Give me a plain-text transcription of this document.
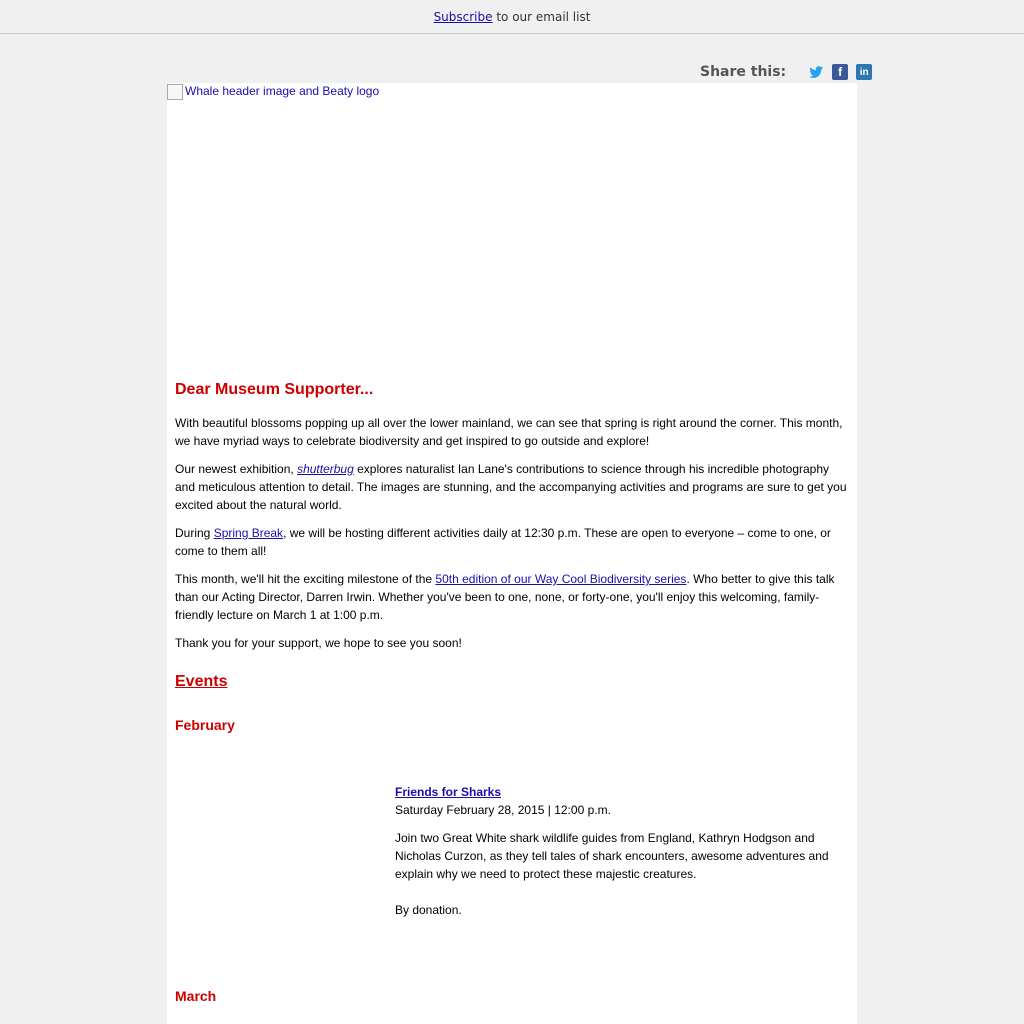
Subscribe to our email list
Share this:	f	in
Whale header image and Beaty logo
Dear Museum Supporter...

With beautiful blossoms popping up all over the lower mainland, we can see that spring is right around the corner. This month, we have myriad ways to celebrate biodiversity and get inspired to go outside and explore!

Our newest exhibition, shutterbug explores naturalist Ian Lane's contributions to science through his incredible photography and meticulous attention to detail. The images are stunning, and the accompanying activities and programs are sure to get you excited about the natural world.

During Spring Break, we will be hosting different activities daily at 12:30 p.m. These are open to everyone – come to one, or come to them all!

This month, we'll hit the exciting milestone of the 50th edition of our Way Cool Biodiversity series. Who better to give this talk than our Acting Director, Darren Irwin. Whether you've been to one, none, or forty-one, you'll enjoy this welcoming, family-friendly lecture on March 1 at 1:00 p.m.

Thank you for your support, we hope to see you soon!

Events
February
Friends for Sharks
Saturday February 28, 2015 | 12:00 p.m.
Join two Great White shark wildlife guides from England, Kathryn Hodgson and Nicholas Curzon, as they tell tales of shark encounters, awesome adventures and explain why we need to protect these majestic creatures.
By donation.
March
